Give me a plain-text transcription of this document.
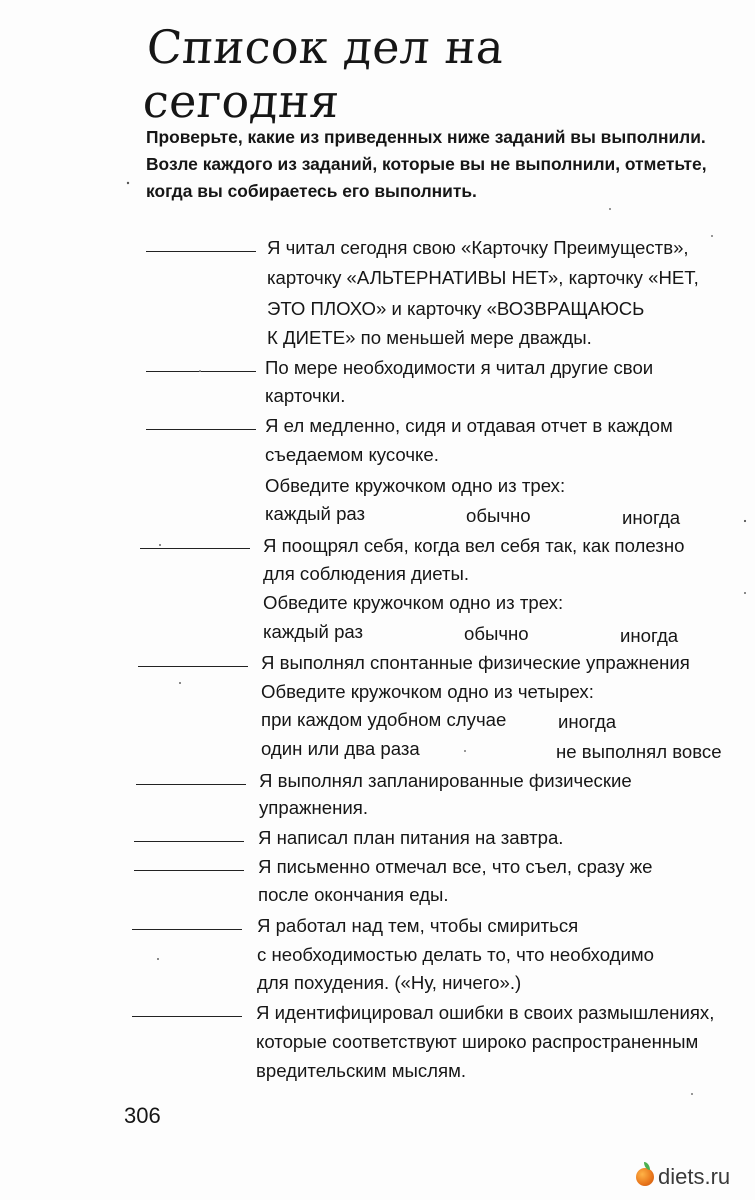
Список дел на сегодня
Проверьте, какие из приведенных ниже заданий вы выполнили. Возле каждого из заданий, которые вы не выполнили, отметьте, когда вы собираетесь его выполнить.
Я читал сегодня свою «Карточку Преимуществ»,
карточку «АЛЬТЕРНАТИВЫ НЕТ», карточку «НЕТ,
ЭТО ПЛОХО» и карточку «ВОЗВРАЩАЮСЬ
К ДИЕТЕ» по меньшей мере дважды.
По мере необходимости я читал другие свои
карточки.
Я ел медленно, сидя и отдавая отчет в каждом
съедаемом кусочке.
Обведите кружочком одно из трех:
каждый раз	обычно	иногда
Я поощрял себя, когда вел себя так, как полезно
для соблюдения диеты.
Обведите кружочком одно из трех:
каждый раз	обычно	иногда
Я выполнял спонтанные физические упражнения
Обведите кружочком одно из четырех:
при каждом удобном случае	иногда
один или два раза	не выполнял вовсе
Я выполнял запланированные физические
упражнения.
Я написал план питания на завтра.
Я письменно отмечал все, что съел, сразу же
после окончания еды.
Я работал над тем, чтобы смириться
с необходимостью делать то, что необходимо
для похудения. («Ну, ничего».)
Я идентифицировал ошибки в своих размышлениях,
которые соответствуют широко распространенным
вредительским мыслям.
306
diets.ru
